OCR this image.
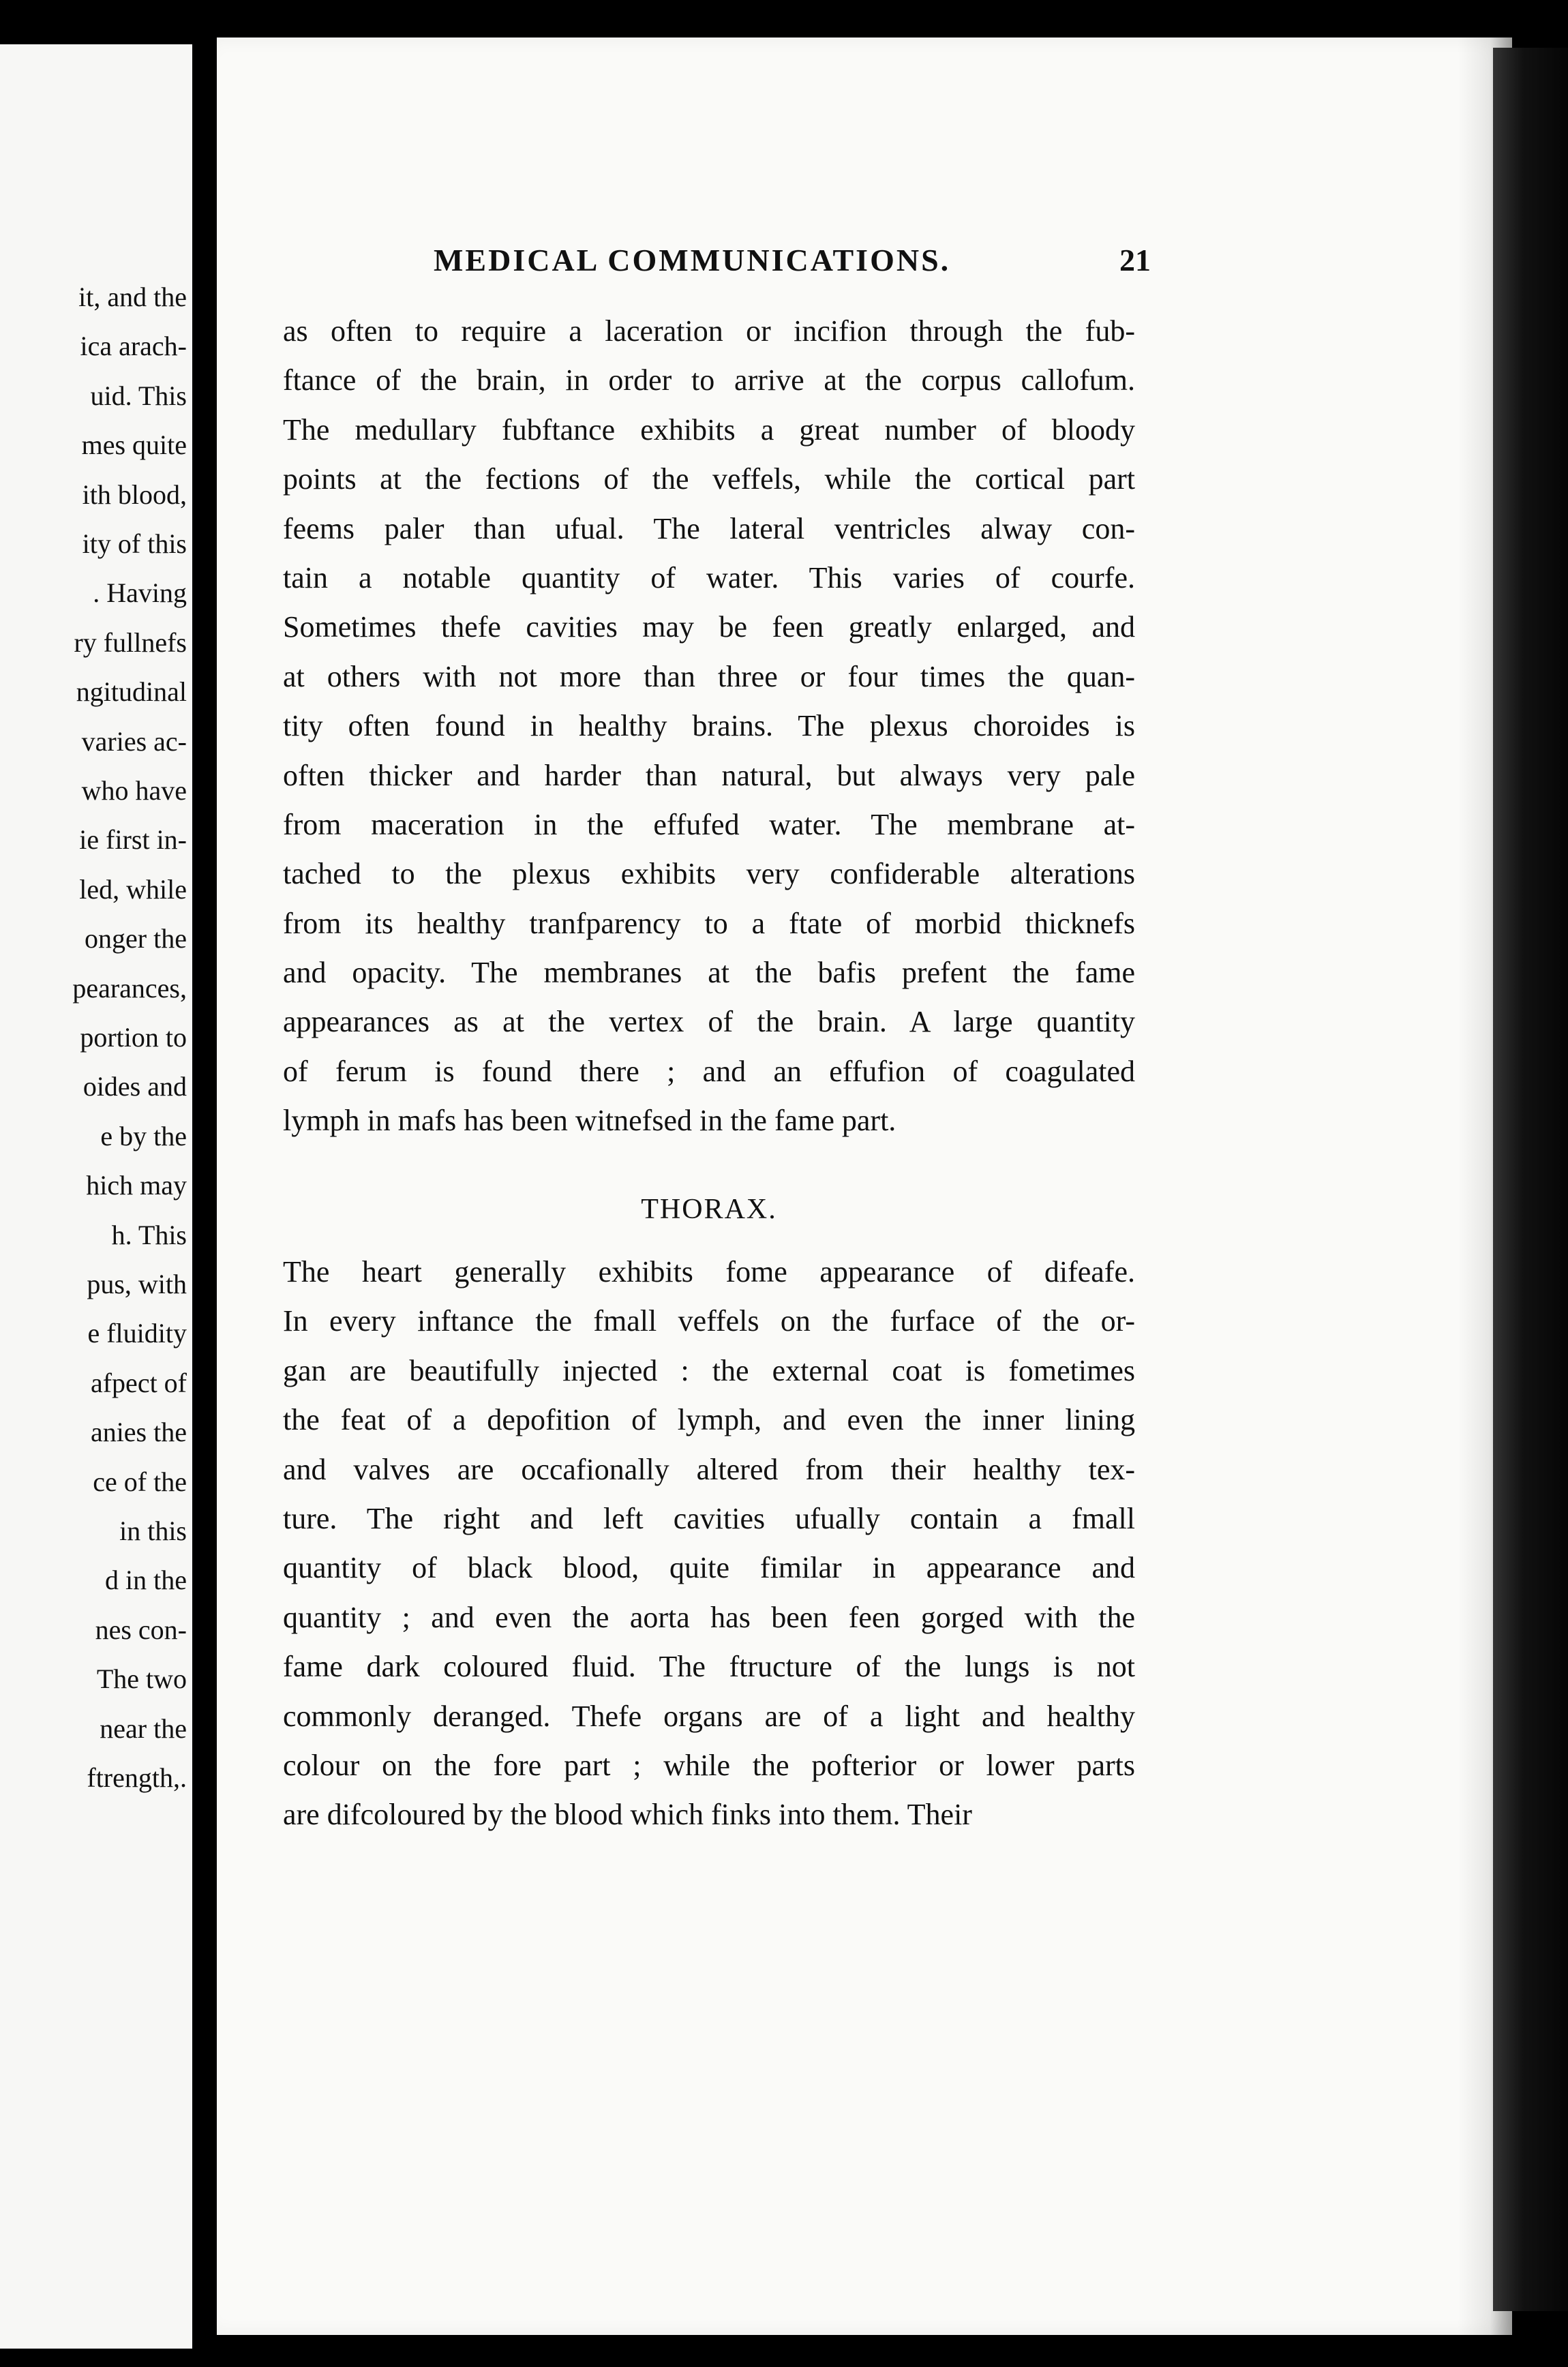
it, and the

ica arach-

uid. This

mes quite

ith blood,

ity of this

. Having

ry fullnefs

ngitudinal

varies ac-

who have

ie first in-

led, while

onger the

pearances,

portion to

oides and

e by the

hich may

h. This

pus, with

e fluidity

afpect of

anies the

ce of the

in this

d in the

nes con-

The two

near the

ftrength,.

MEDICAL COMMUNICATIONS.	21

as often to require a laceration or incifion through the fub-
ftance of the brain, in order to arrive at the corpus callofum.
The medullary fubftance exhibits a great number of bloody
points at the fections of the veffels, while the cortical part
feems paler than ufual. The lateral ventricles alway con-
tain a notable quantity of water. This varies of courfe.
Sometimes thefe cavities may be feen greatly enlarged, and
at others with not more than three or four times the quan-
tity often found in healthy brains. The plexus choroides is
often thicker and harder than natural, but always very pale
from maceration in the effufed water. The membrane at-
tached to the plexus exhibits very confiderable alterations
from its healthy tranfparency to a ftate of morbid thicknefs
and opacity. The membranes at the bafis prefent the fame
appearances as at the vertex of the brain. A large quantity
of ferum is found there ; and an effufion of coagulated
lymph in mafs has been witnefsed in the fame part.

THORAX.

The heart generally exhibits fome appearance of difeafe.
In every inftance the fmall veffels on the furface of the or-
gan are beautifully injected : the external coat is fometimes
the feat of a depofition of lymph, and even the inner lining
and valves are occafionally altered from their healthy tex-
ture. The right and left cavities ufually contain a fmall
quantity of black blood, quite fimilar in appearance and
quantity ; and even the aorta has been feen gorged with the
fame dark coloured fluid. The ftructure of the lungs is not
commonly deranged. Thefe organs are of a light and healthy
colour on the fore part ; while the pofterior or lower parts
are difcoloured by the blood which finks into them. Their
